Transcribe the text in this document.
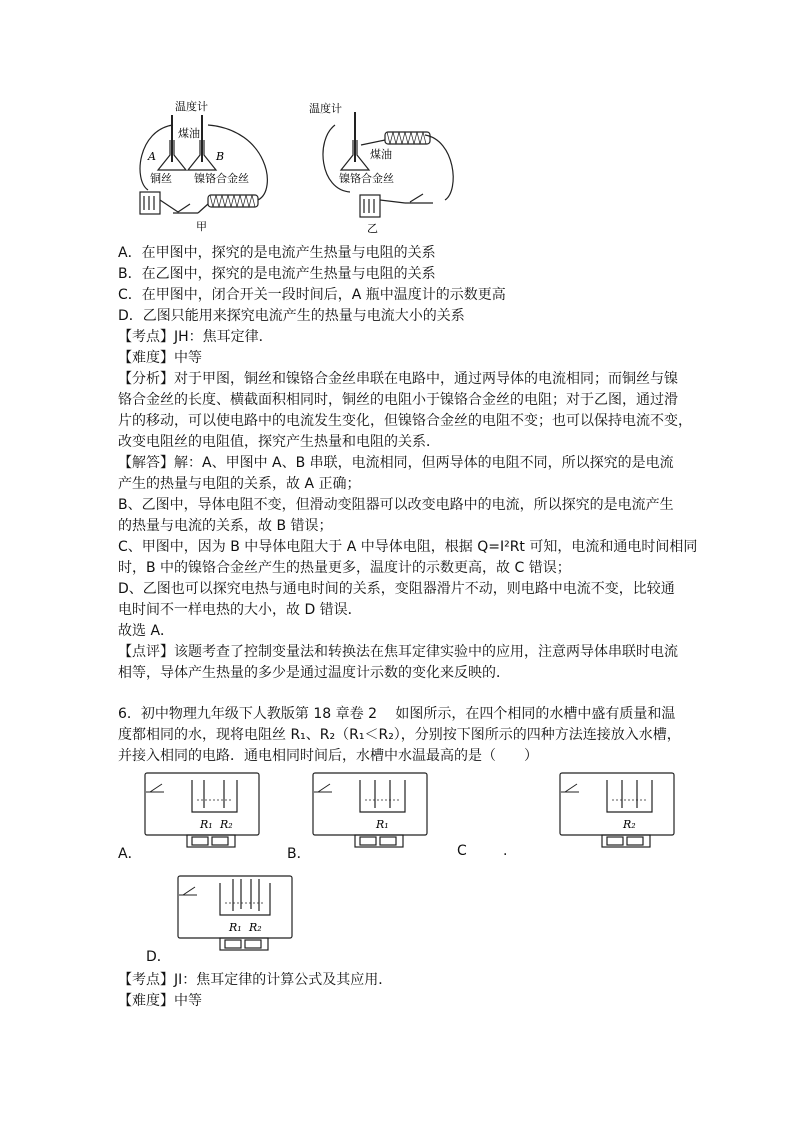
温度计
煤油
A	B
铜丝 镍铬合金丝
甲
温度计
煤油
镍铬合金丝
乙
A．在甲图中，探究的是电流产生热量与电阻的关系
B．在乙图中，探究的是电流产生热量与电阻的关系
C．在甲图中，闭合开关一段时间后，A 瓶中温度计的示数更高
D．乙图只能用来探究电流产生的热量与电流大小的关系
【考点】JH：焦耳定律．
【难度】中等
【分析】对于甲图，铜丝和镍铬合金丝串联在电路中，通过两导体的电流相同；而铜丝与镍
铬合金丝的长度、横截面积相同时，铜丝的电阻小于镍铬合金丝的电阻；对于乙图，通过滑
片的移动，可以使电路中的电流发生变化，但镍铬合金丝的电阻不变；也可以保持电流不变，
改变电阻丝的电阻值，探究产生热量和电阻的关系．
【解答】解：A、甲图中 A、B 串联，电流相同，但两导体的电阻不同，所以探究的是电流
产生的热量与电阻的关系，故 A 正确；
B、乙图中，导体电阻不变，但滑动变阻器可以改变电路中的电流，所以探究的是电流产生
的热量与电流的关系，故 B 错误；
C、甲图中，因为 B 中导体电阻大于 A 中导体电阻，根据 Q=I²Rt 可知，电流和通电时间相同
时，B 中的镍铬合金丝产生的热量更多，温度计的示数更高，故 C 错误；
D、乙图也可以探究电热与通电时间的关系，变阻器滑片不动，则电路中电流不变，比较通
电时间不一样电热的大小，故 D 错误．
故选 A．
【点评】该题考查了控制变量法和转换法在焦耳定律实验中的应用，注意两导体串联时电流
相等，导体产生热量的多少是通过温度计示数的变化来反映的．
6．初中物理九年级下人教版第 18 章卷 2　 如图所示，在四个相同的水槽中盛有质量和温
度都相同的水，现将电阻丝 R₁、R₂（R₁＜R₂），分别按下图所示的四种方法连接放入水槽，
并接入相同的电路．通电相同时间后，水槽中水温最高的是（　　）
R₁ R₂
A．
R₁
B．	C	.
R₂
R₁ R₂
D．
【考点】JI：焦耳定律的计算公式及其应用．
【难度】中等
